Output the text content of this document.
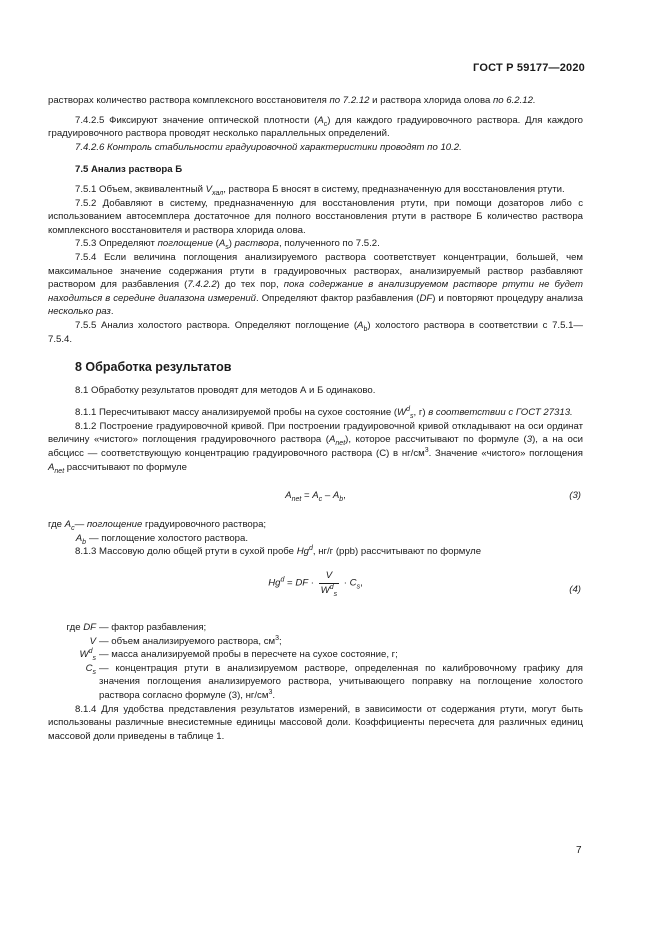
ГОСТ Р 59177—2020

растворах количество раствора комплексного восстановителя по 7.2.12 и раствора хлорида олова по 6.2.12.

7.4.2.5 Фиксируют значение оптической плотности $(A_c)$ для каждого градуировочного раствора. Для каждого градуировочного раствора проводят несколько параллельных определений.

7.4.2.6 Контроль стабильности градуировочной характеристики проводят по 10.2.

7.5 Анализ раствора Б

7.5.1 Объем, эквивалентный $V_{хал}$, раствора Б вносят в систему, предназначенную для восстановления ртути.

7.5.2 Добавляют в систему, предназначенную для восстановления ртути, при помощи дозаторов либо с использованием автосемплера достаточное для полного восстановления ртути в растворе Б количество раствора комплексного восстановителя и раствора хлорида олова.

7.5.3 Определяют поглощение $(A_s)$ раствора, полученного по 7.5.2.

7.5.4 Если величина поглощения анализируемого раствора соответствует концентрации, большей, чем максимальное значение содержания ртути в градуировочных растворах, анализируемый раствор разбавляют раствором для разбавления (7.4.2.2) до тех пор, пока содержание в анализируемом растворе ртути не будет находиться в середине диапазона измерений. Определяют фактор разбавления (DF) и повторяют процедуру анализа несколько раз.

7.5.5 Анализ холостого раствора. Определяют поглощение $(A_b)$ холостого раствора в соответствии с 7.5.1—7.5.4.

8 Обработка результатов

8.1 Обработку результатов проводят для методов А и Б одинаково.

8.1.1 Пересчитывают массу анализируемой пробы на сухое состояние ($W^d_s$, г) в соответствии с ГОСТ 27313.

8.1.2 Построение градуировочной кривой. При построении градуировочной кривой откладывают на оси ординат величину «чистого» поглощения градуировочного раствора $(A_{net})$, которое рассчитывают по формуле (3), а на оси абсцисс — соответствующую концентрацию градуировочного раствора (С) в $нг/см^3$. Значение «чистого» поглощения $A_{net}$ рассчитывают по формуле

$A_{net} = A_c - A_b$,	(3)
где $A_c$ — поглощение градуировочного раствора;
$A_b$ — поглощение холостого раствора.

8.1.3 Массовую долю общей ртути в сухой пробе Hg$^d$, нг/г (ppb) рассчитывают по формуле

$Hg^d$ = DF · $\frac{V}{W^d_s} \cdot C_s$,
(4)
где DF — фактор разбавления;
V — объем анализируемого раствора, $см^3$;
$W^d_s$ — масса анализируемой пробы в пересчете на сухое состояние, г;
$C_s$ — концентрация ртути в анализируемом растворе, определенная по калибровочному графику для значения поглощения анализируемого раствора, учитывающего поправку на поглощение холостого раствора согласно формуле (3), $нг/см^3$.

8.1.4 Для удобства представления результатов измерений, в зависимости от содержания ртути, могут быть использованы различные внесистемные единицы массовой доли. Коэффициенты пересчета для различных единиц массовой доли приведены в таблице 1.

7
